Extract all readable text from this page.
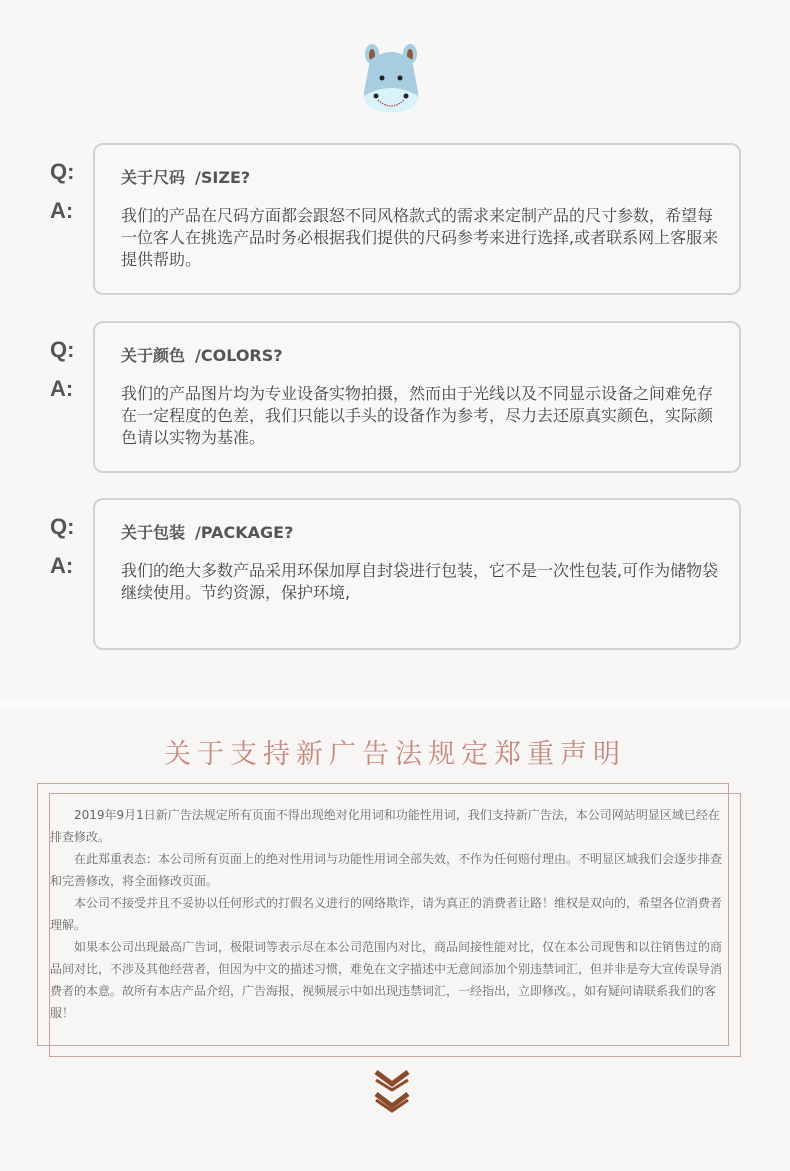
Q:
A:
关于尺码 /SIZE?
我们的产品在尺码方面都会跟怒不同风格款式的需求来定制产品的尺寸参数，希望每一位客人在挑选产品时务必根据我们提供的尺码参考来进行选择,或者联系网上客服来提供帮助。
Q:
A:
关于颜色 /COLORS?
我们的产品图片均为专业设备实物拍摄，然而由于光线以及不同显示设备之间难免存在一定程度的色差，我们只能以手头的设备作为参考，尽力去还原真实颜色，实际颜色请以实物为基准。
Q:
A:
关于包装 /PACKAGE?
我们的绝大多数产品采用环保加厚自封袋进行包装，它不是一次性包装,可作为储物袋继续使用。节约资源，保护环境,
关于支持新广告法规定郑重声明

2019年9月1日新广告法规定所有页面不得出现绝对化用词和功能性用词，我们支持新广告法，本公司网站明显区域已经在排查修改。

在此郑重表态：本公司所有页面上的绝对性用词与功能性用词全部失效，不作为任何赔付理由。不明显区域我们会逐步排查和完善修改，将全面修改页面。

本公司不接受并且不妥协以任何形式的打假名义进行的网络欺诈，请为真正的消费者让路！维权是双向的，希望各位消费者理解。

如果本公司出现最高广告词，极限词等表示尽在本公司范围内对比，商品间接性能对比，仅在本公司现售和以往销售过的商品间对比，不涉及其他经营者，但因为中文的描述习惯，难免在文字描述中无意间添加个别违禁词汇，但并非是夸大宣传误导消费者的本意。故所有本店产品介绍，广告海报，视频展示中如出现违禁词汇，一经指出，立即修改。，如有疑问请联系我们的客服！
